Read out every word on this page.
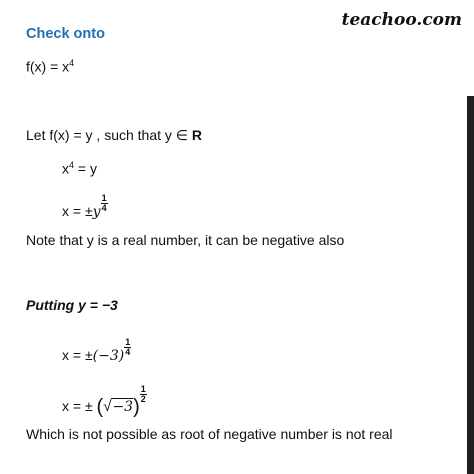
teachoo.com
Check onto
$f(x) = x^4$
Let f(x) = y , such that y ∈ R
$x^4 = y$
$x = \pm y \frac{1}{4}$
Note that y is a real number, it can be negative also
Putting y = −3
$x = \pm(-3) \frac{1}{4}$
x = ± (√−3)
$\frac{1}{2}$
Which is not possible as root of negative number is not real
